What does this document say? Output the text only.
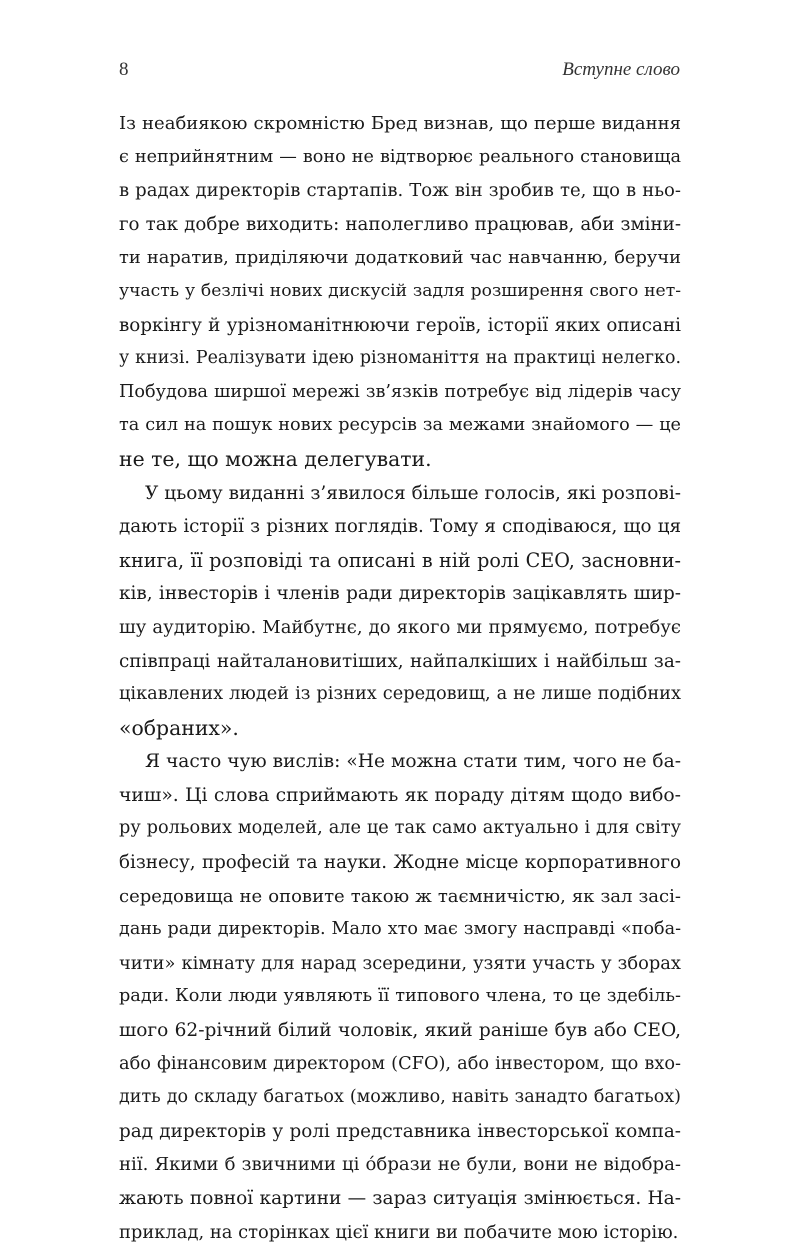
8	Вступне слово
Із неабиякою скромністю Бред визнав, що перше видання
є неприйнятним — воно не відтворює реального становища
в радах директорів стартапів. Тож він зробив те, що в ньо-
го так добре виходить: наполегливо працював, аби зміни-
ти наратив, приділяючи додатковий час навчанню, беручи
участь у безлічі нових дискусій задля розширення свого нет-
воркінгу й урізноманітнюючи героїв, історії яких описані
у книзі. Реалізувати ідею різноманіття на практиці нелегко.
Побудова ширшої мережі зв’язків потребує від лідерів часу
та сил на пошук нових ресурсів за межами знайомого — це
не те, що можна делегувати.
У цьому виданні з’явилося більше голосів, які розпові-
дають історії з різних поглядів. Тому я сподіваюся, що ця
книга, її розповіді та описані в ній ролі CEO, засновни-
ків, інвесторів і членів ради директорів зацікавлять шир-
шу аудиторію. Майбутнє, до якого ми прямуємо, потребує
співпраці найталановитіших, найпалкіших і найбільш за-
цікавлених людей із різних середовищ, а не лише подібних
«обраних».
Я часто чую вислів: «Не можна стати тим, чого не ба-
чиш». Ці слова сприймають як пораду дітям щодо вибо-
ру рольових моделей, але це так само актуально і для світу
бізнесу, професій та науки. Жодне місце корпоративного
середовища не оповите такою ж таємничістю, як зал засі-
дань ради директорів. Мало хто має змогу насправді «поба-
чити» кімнату для нарад зсередини, узяти участь у зборах
ради. Коли люди уявляють її типового члена, то це здебіль-
шого 62-річний білий чоловік, який раніше був або CEO,
або фінансовим директором (CFO), або інвестором, що вхо-
дить до складу багатьох (можливо, навіть занадто багатьох)
рад директорів у ролі представника інвесторської компа-
нії. Якими б звичними ці óбрази не були, вони не відобра-
жають повної картини — зараз ситуація змінюється. На-
приклад, на сторінках цієї книги ви побачите мою історію.
